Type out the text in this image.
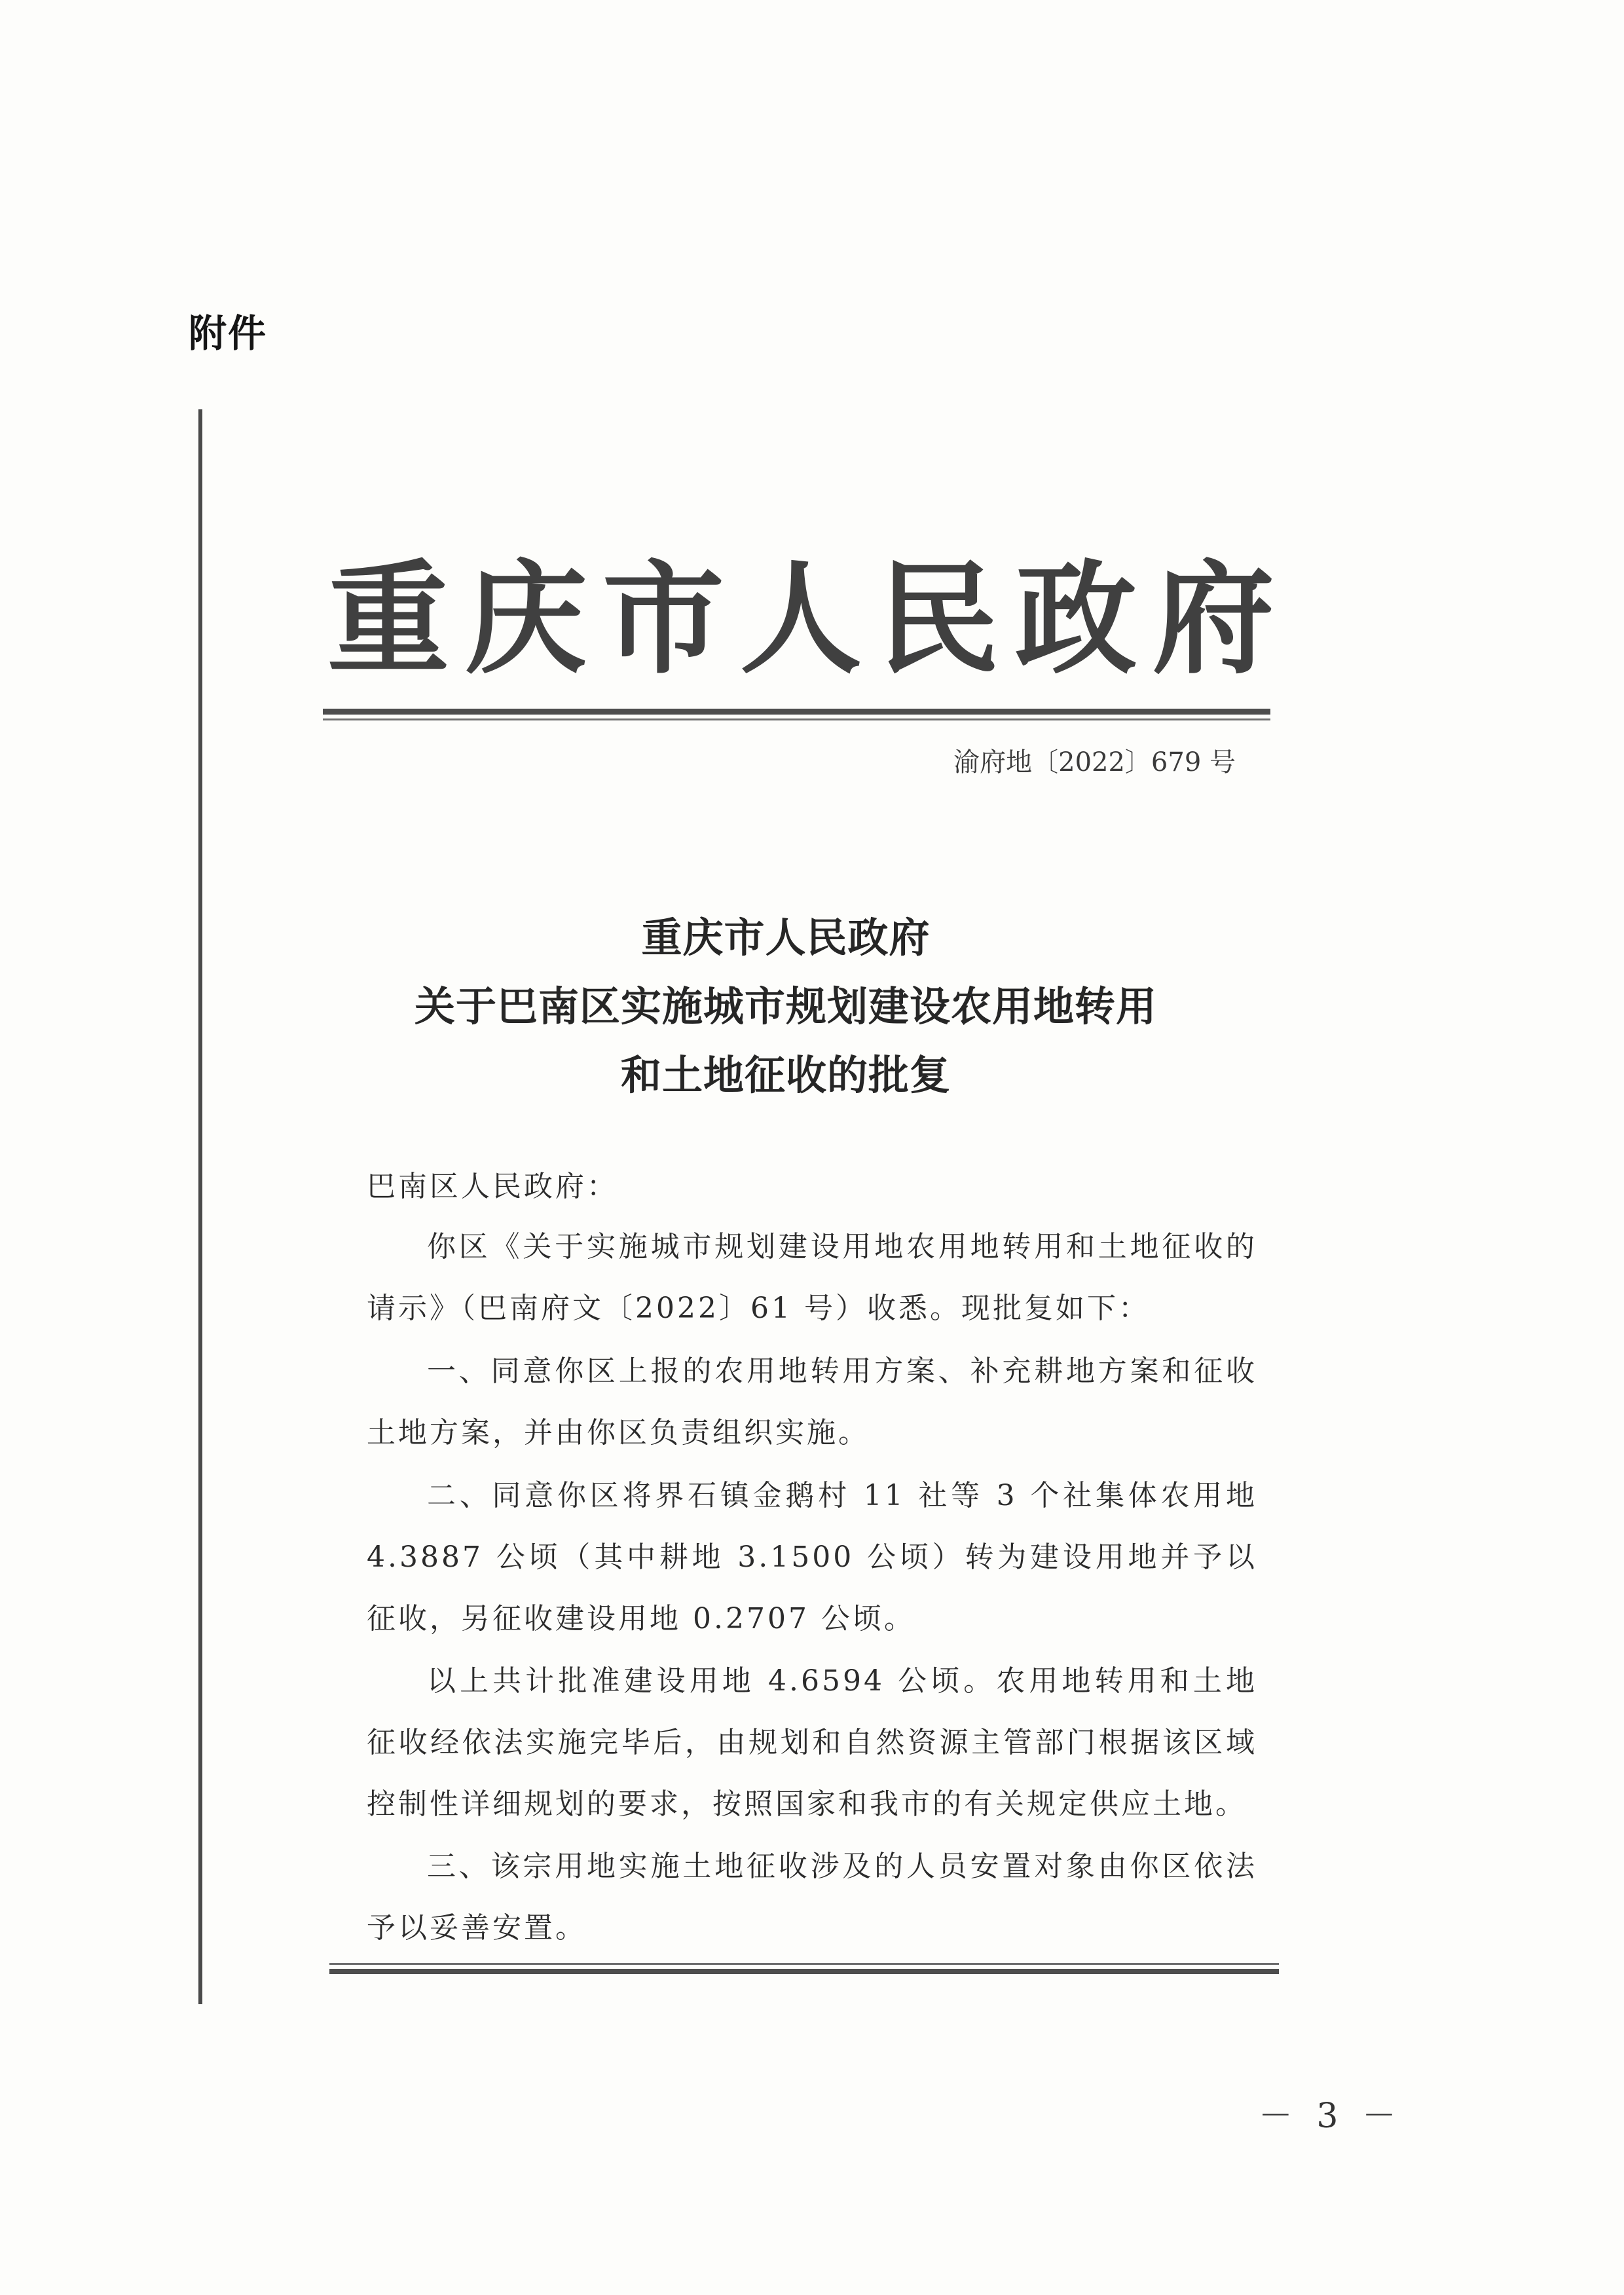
附件
重庆市人民政府
渝府地〔2022〕679 号
重庆市人民政府
关于巴南区实施城市规划建设农用地转用
和土地征收的批复
巴南区人民政府：
你区《关于实施城市规划建设用地农用地转用和土地征收的请示》（巴南府文〔2022〕61 号）收悉。现批复如下：
一、同意你区上报的农用地转用方案、补充耕地方案和征收土地方案，并由你区负责组织实施。
二、同意你区将界石镇金鹅村 11 社等 3 个社集体农用地 4.3887 公顷（其中耕地 3.1500 公顷）转为建设用地并予以征收，另征收建设用地 0.2707 公顷。
以上共计批准建设用地 4.6594 公顷。农用地转用和土地征收经依法实施完毕后，由规划和自然资源主管部门根据该区域控制性详细规划的要求，按照国家和我市的有关规定供应土地。
三、该宗用地实施土地征收涉及的人员安置对象由你区依法予以妥善安置。
－ 3 －
